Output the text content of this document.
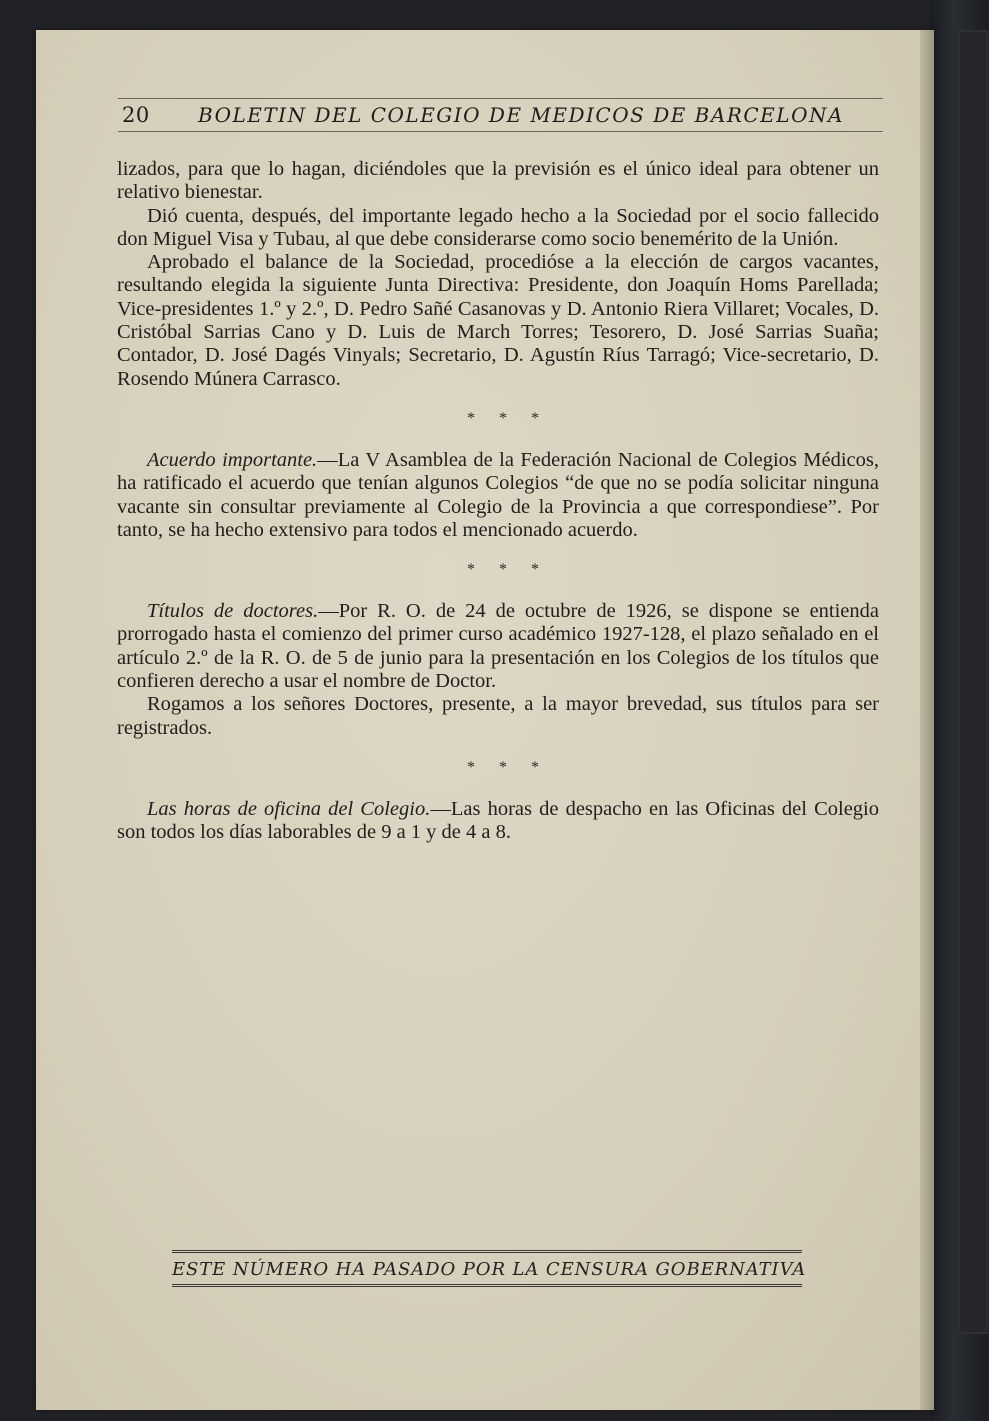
20 BOLETIN DEL COLEGIO DE MEDICOS DE BARCELONA

lizados, para que lo hagan, diciéndoles que la previsión es el único ideal para obtener un relativo bienestar.

Dió cuenta, después, del importante legado hecho a la Sociedad por el socio fallecido don Miguel Visa y Tubau, al que debe considerarse como socio benemérito de la Unión.

Aprobado el balance de la Sociedad, procedióse a la elección de cargos vacantes, resultando elegida la siguiente Junta Directiva: Presidente, don Joaquín Homs Parellada; Vice-presidentes 1.º y 2.º, D. Pedro Sañé Casanovas y D. Antonio Riera Villaret; Vocales, D. Cristóbal Sarrias Cano y D. Luis de March Torres; Tesorero, D. José Sarrias Suaña; Contador, D. José Dagés Vinyals; Secretario, D. Agustín Ríus Tarragó; Vice-secretario, D. Rosendo Múnera Carrasco.

* * *

Acuerdo importante.—La V Asamblea de la Federación Nacional de Colegios Médicos, ha ratificado el acuerdo que tenían algunos Colegios “de que no se podía solicitar ninguna vacante sin consultar previamente al Colegio de la Provincia a que correspondiese”. Por tanto, se ha hecho extensivo para todos el mencionado acuerdo.

* * *

Títulos de doctores.—Por R. O. de 24 de octubre de 1926, se dispone se entienda prorrogado hasta el comienzo del primer curso académico 1927-128, el plazo señalado en el artículo 2.º de la R. O. de 5 de junio para la presentación en los Colegios de los títulos que confieren derecho a usar el nombre de Doctor.

Rogamos a los señores Doctores, presente, a la mayor brevedad, sus títulos para ser registrados.

* * *

Las horas de oficina del Colegio.—Las horas de despacho en las Oficinas del Colegio son todos los días laborables de 9 a 1 y de 4 a 8.

ESTE NÚMERO HA PASADO POR LA CENSURA GOBERNATIVA
